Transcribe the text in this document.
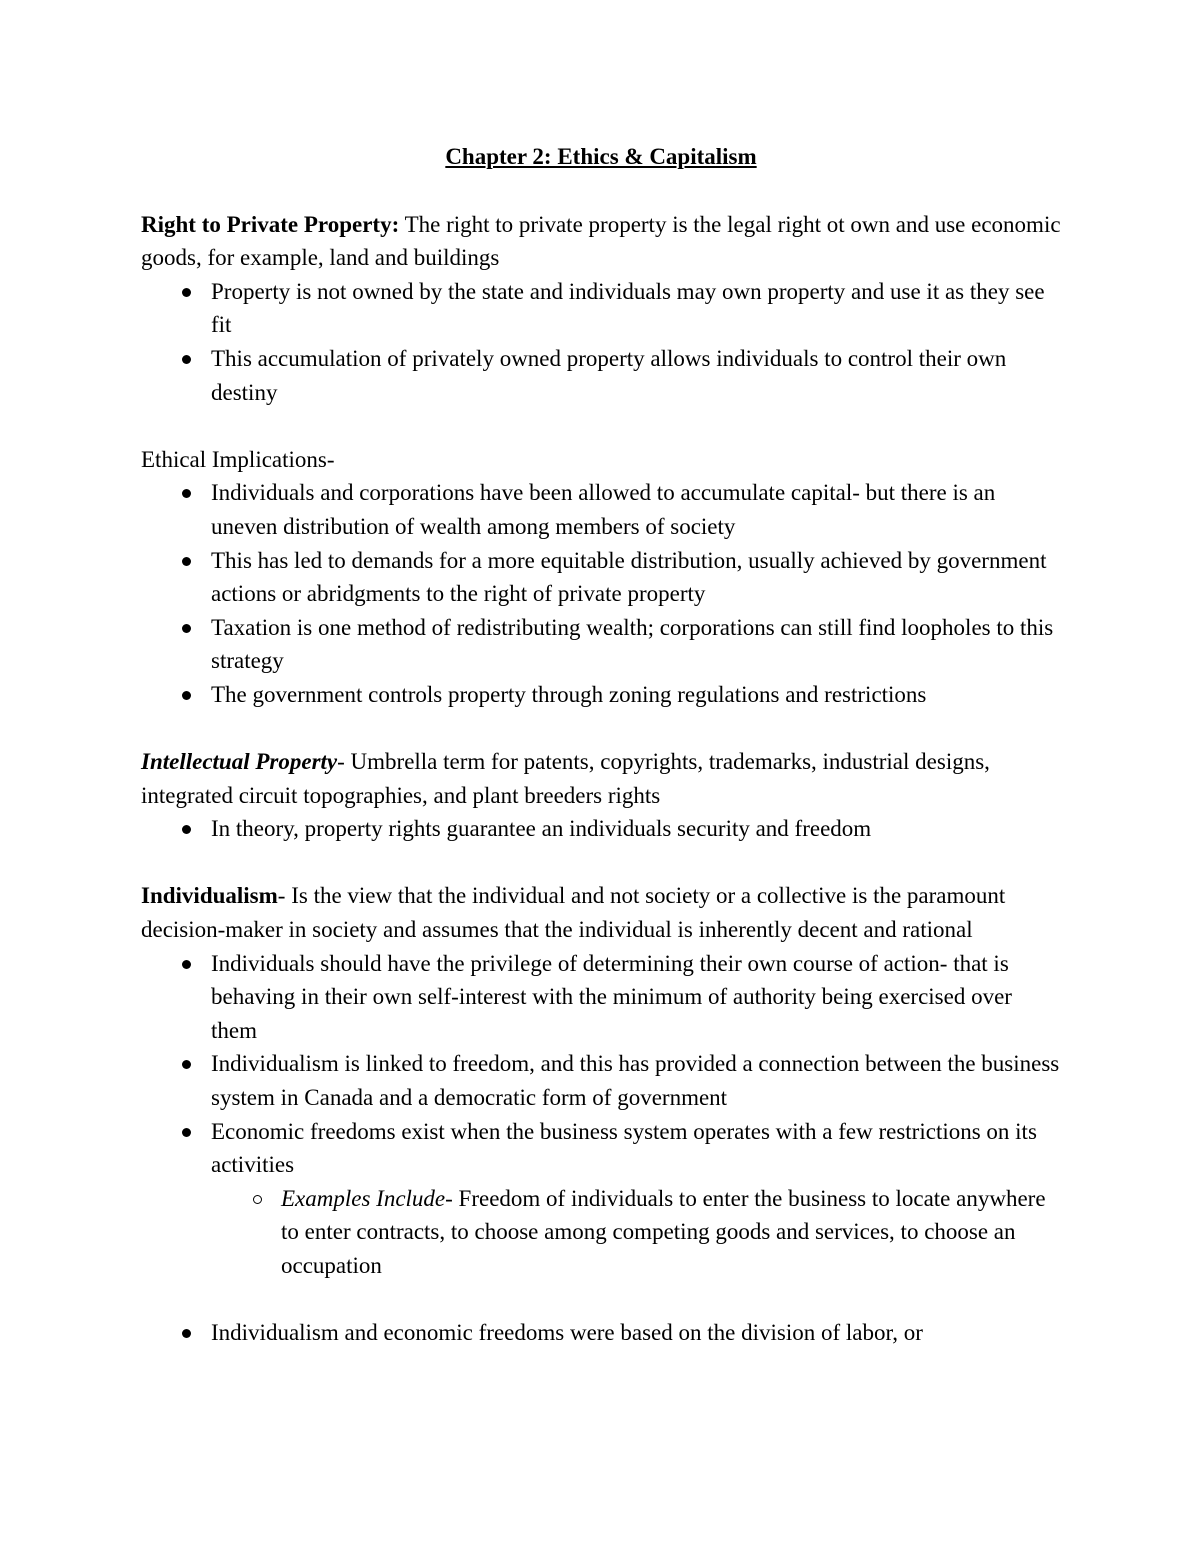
Chapter 2: Ethics & Capitalism

Right to Private Property: The right to private property is the legal right ot own and use economic goods, for example, land and buildings

Property is not owned by the state and individuals may own property and use it as they see fit
This accumulation of privately owned property allows individuals to control their own destiny

Ethical Implications-

Individuals and corporations have been allowed to accumulate capital- but there is an uneven distribution of wealth among members of society
This has led to demands for a more equitable distribution, usually achieved by government actions or abridgments to the right of private property
Taxation is one method of redistributing wealth; corporations can still find loopholes to this strategy
The government controls property through zoning regulations and restrictions

Intellectual Property- Umbrella term for patents, copyrights, trademarks, industrial designs, integrated circuit topographies, and plant breeders rights

In theory, property rights guarantee an individuals security and freedom

Individualism- Is the view that the individual and not society or a collective is the paramount decision-maker in society and assumes that the individual is inherently decent and rational

Individuals should have the privilege of determining their own course of action- that is behaving in their own self-interest with the minimum of authority being exercised over them
Individualism is linked to freedom, and this has provided a connection between the business system in Canada and a democratic form of government
Economic freedoms exist when the business system operates with a few restrictions on its activities
Examples Include- Freedom of individuals to enter the business to locate anywhere to enter contracts, to choose among competing goods and services, to choose an occupation
Individualism and economic freedoms were based on the division of labor, or
